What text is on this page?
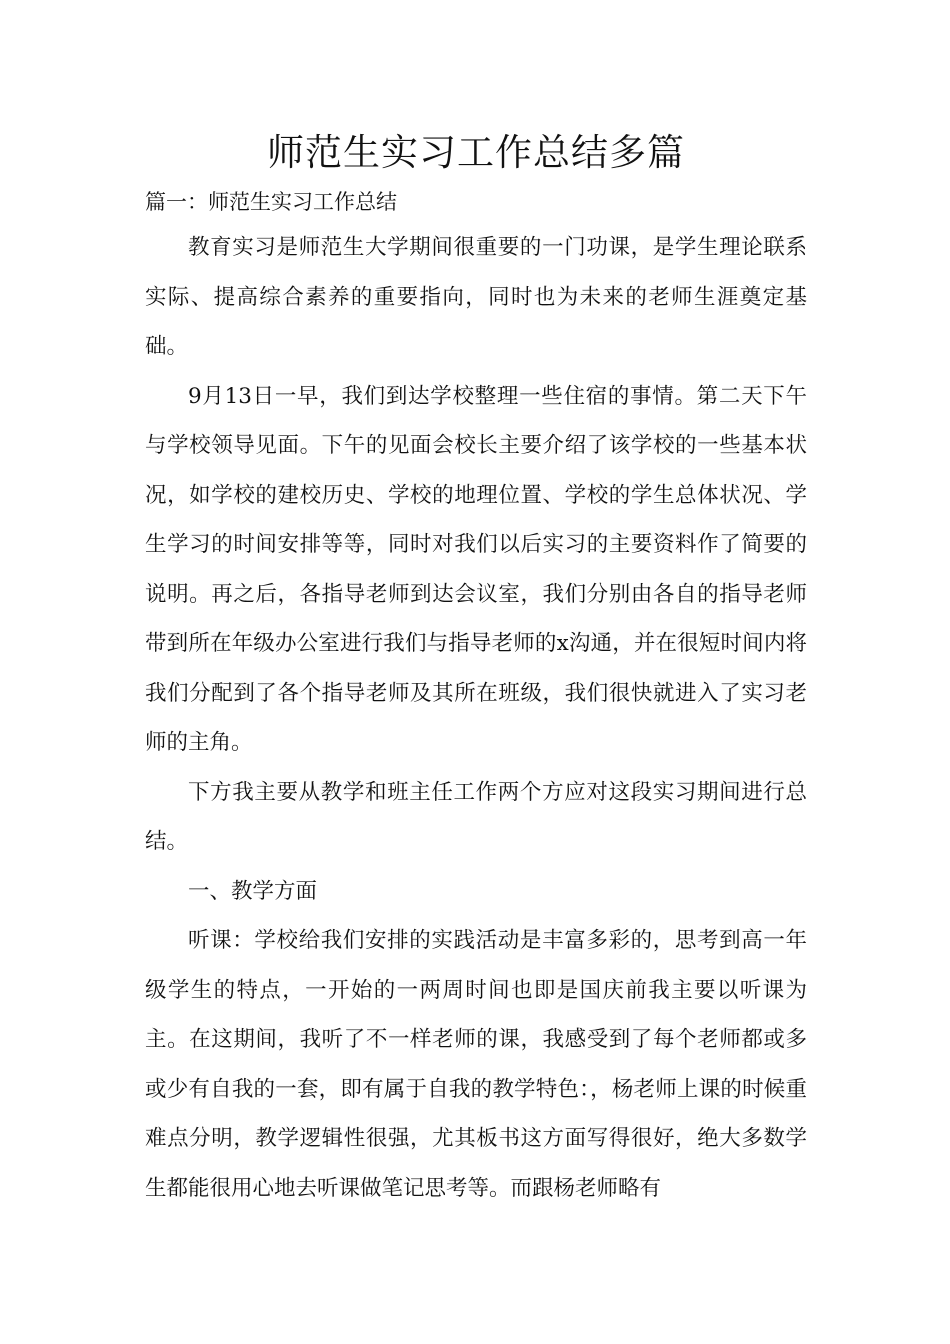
师范生实习工作总结多篇

篇一：师范生实习工作总结

教育实习是师范生大学期间很重要的一门功课，是学生理论联系实际、提高综合素养的重要指向，同时也为未来的老师生涯奠定基础。

9月13日一早，我们到达学校整理一些住宿的事情。第二天下午与学校领导见面。下午的见面会校长主要介绍了该学校的一些基本状况，如学校的建校历史、学校的地理位置、学校的学生总体状况、学生学习的时间安排等等，同时对我们以后实习的主要资料作了简要的说明。再之后，各指导老师到达会议室，我们分别由各自的指导老师带到所在年级办公室进行我们与指导老师的x沟通，并在很短时间内将我们分配到了各个指导老师及其所在班级，我们很快就进入了实习老师的主角。

下方我主要从教学和班主任工作两个方应对这段实习期间进行总结。

一、教学方面

听课：学校给我们安排的实践活动是丰富多彩的，思考到高一年级学生的特点，一开始的一两周时间也即是国庆前我主要以听课为主。在这期间，我听了不一样老师的课，我感受到了每个老师都或多或少有自我的一套，即有属于自我的教学特色：，杨老师上课的时候重难点分明，教学逻辑性很强，尤其板书这方面写得很好，绝大多数学生都能很用心地去听课做笔记思考等。而跟杨老师略有
